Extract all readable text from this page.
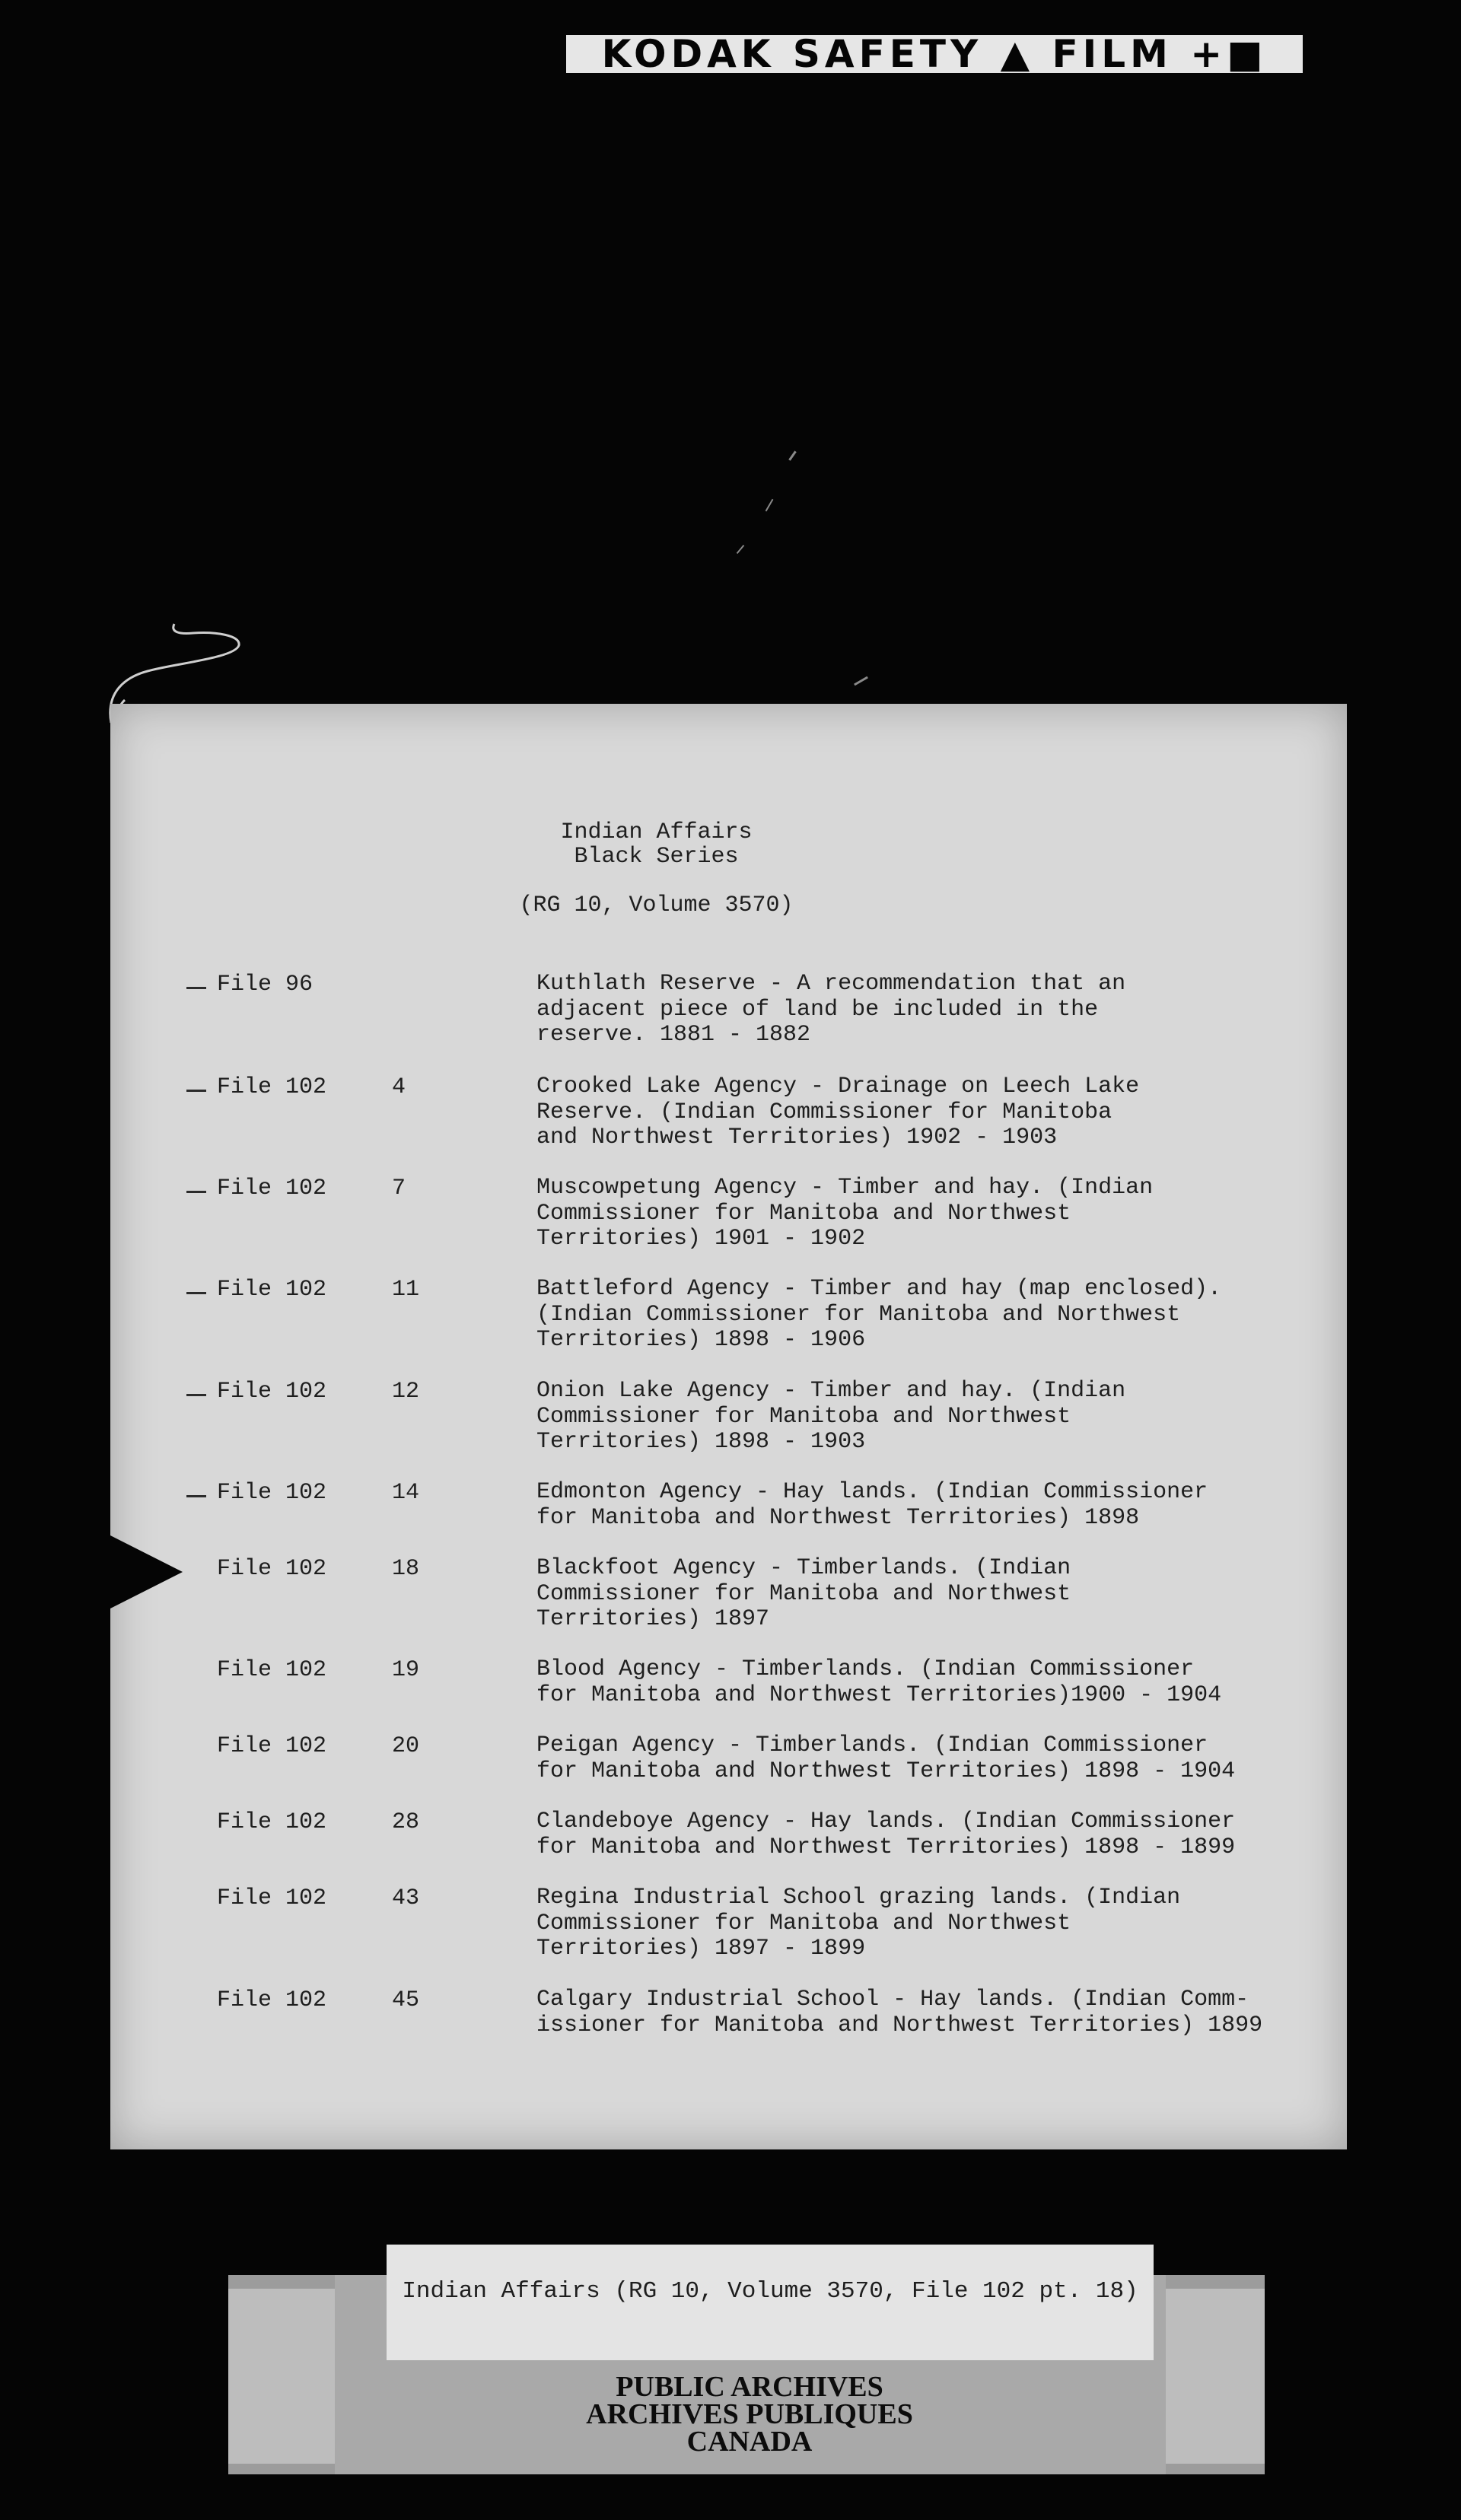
KODAK SAFETY ▲ FILM +■
Indian Affairs
Black Series
(RG 10, Volume 3570)
File 96	Kuthlath Reserve - A recommendation that an
adjacent piece of land be included in the
reserve. 1881 - 1882
File 102	4	Crooked Lake Agency - Drainage on Leech Lake
Reserve. (Indian Commissioner for Manitoba
and Northwest Territories) 1902 - 1903
File 102	7	Muscowpetung Agency - Timber and hay. (Indian
Commissioner for Manitoba and Northwest
Territories) 1901 - 1902
File 102	11	Battleford Agency - Timber and hay (map enclosed).
(Indian Commissioner for Manitoba and Northwest
Territories) 1898 - 1906
File 102	12	Onion Lake Agency - Timber and hay. (Indian
Commissioner for Manitoba and Northwest
Territories) 1898 - 1903
File 102	14	Edmonton Agency - Hay lands. (Indian Commissioner
for Manitoba and Northwest Territories) 1898
File 102	18	Blackfoot Agency - Timberlands. (Indian
Commissioner for Manitoba and Northwest
Territories) 1897
File 102	19	Blood Agency - Timberlands. (Indian Commissioner
for Manitoba and Northwest Territories)1900 - 1904
File 102	20	Peigan Agency - Timberlands. (Indian Commissioner
for Manitoba and Northwest Territories) 1898 - 1904
File 102	28	Clandeboye Agency - Hay lands. (Indian Commissioner
for Manitoba and Northwest Territories) 1898 - 1899
File 102	43	Regina Industrial School grazing lands. (Indian
Commissioner for Manitoba and Northwest
Territories) 1897 - 1899
File 102	45	Calgary Industrial School - Hay lands. (Indian Comm-
issioner for Manitoba and Northwest Territories) 1899
Indian Affairs (RG 10, Volume 3570, File 102 pt. 18)
PUBLIC ARCHIVES
ARCHIVES PUBLIQUES
CANADA
